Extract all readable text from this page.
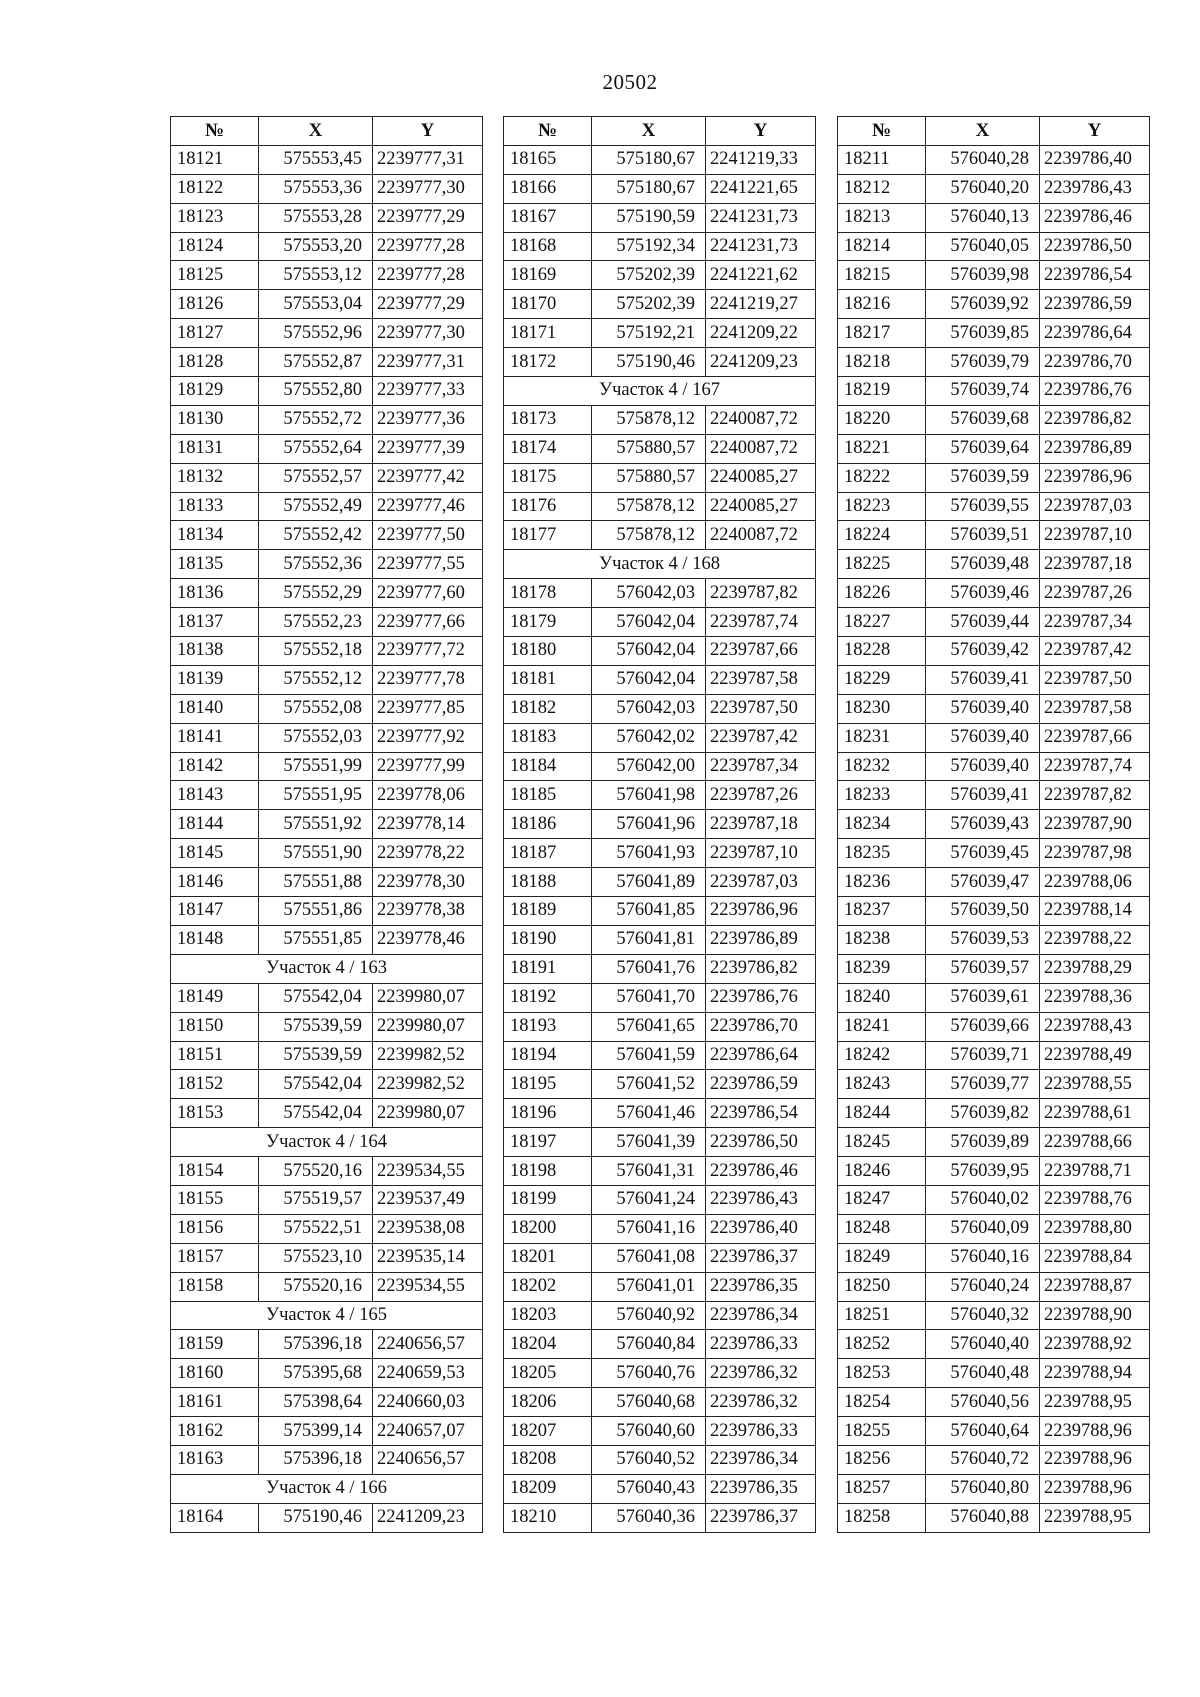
20502
№	X	Y
18121	575553,45	2239777,31
18122	575553,36	2239777,30
18123	575553,28	2239777,29
18124	575553,20	2239777,28
18125	575553,12	2239777,28
18126	575553,04	2239777,29
18127	575552,96	2239777,30
18128	575552,87	2239777,31
18129	575552,80	2239777,33
18130	575552,72	2239777,36
18131	575552,64	2239777,39
18132	575552,57	2239777,42
18133	575552,49	2239777,46
18134	575552,42	2239777,50
18135	575552,36	2239777,55
18136	575552,29	2239777,60
18137	575552,23	2239777,66
18138	575552,18	2239777,72
18139	575552,12	2239777,78
18140	575552,08	2239777,85
18141	575552,03	2239777,92
18142	575551,99	2239777,99
18143	575551,95	2239778,06
18144	575551,92	2239778,14
18145	575551,90	2239778,22
18146	575551,88	2239778,30
18147	575551,86	2239778,38
18148	575551,85	2239778,46
Участок 4 / 163		
18149	575542,04	2239980,07
18150	575539,59	2239980,07
18151	575539,59	2239982,52
18152	575542,04	2239982,52
18153	575542,04	2239980,07
Участок 4 / 164		
18154	575520,16	2239534,55
18155	575519,57	2239537,49
18156	575522,51	2239538,08
18157	575523,10	2239535,14
18158	575520,16	2239534,55
Участок 4 / 165		
18159	575396,18	2240656,57
18160	575395,68	2240659,53
18161	575398,64	2240660,03
18162	575399,14	2240657,07
18163	575396,18	2240656,57
Участок 4 / 166		
18164	575190,46	2241209,23
№	X	Y
18165	575180,67	2241219,33
18166	575180,67	2241221,65
18167	575190,59	2241231,73
18168	575192,34	2241231,73
18169	575202,39	2241221,62
18170	575202,39	2241219,27
18171	575192,21	2241209,22
18172	575190,46	2241209,23
Участок 4 / 167		
18173	575878,12	2240087,72
18174	575880,57	2240087,72
18175	575880,57	2240085,27
18176	575878,12	2240085,27
18177	575878,12	2240087,72
Участок 4 / 168		
18178	576042,03	2239787,82
18179	576042,04	2239787,74
18180	576042,04	2239787,66
18181	576042,04	2239787,58
18182	576042,03	2239787,50
18183	576042,02	2239787,42
18184	576042,00	2239787,34
18185	576041,98	2239787,26
18186	576041,96	2239787,18
18187	576041,93	2239787,10
18188	576041,89	2239787,03
18189	576041,85	2239786,96
18190	576041,81	2239786,89
18191	576041,76	2239786,82
18192	576041,70	2239786,76
18193	576041,65	2239786,70
18194	576041,59	2239786,64
18195	576041,52	2239786,59
18196	576041,46	2239786,54
18197	576041,39	2239786,50
18198	576041,31	2239786,46
18199	576041,24	2239786,43
18200	576041,16	2239786,40
18201	576041,08	2239786,37
18202	576041,01	2239786,35
18203	576040,92	2239786,34
18204	576040,84	2239786,33
18205	576040,76	2239786,32
18206	576040,68	2239786,32
18207	576040,60	2239786,33
18208	576040,52	2239786,34
18209	576040,43	2239786,35
18210	576040,36	2239786,37
№	X	Y
18211	576040,28	2239786,40
18212	576040,20	2239786,43
18213	576040,13	2239786,46
18214	576040,05	2239786,50
18215	576039,98	2239786,54
18216	576039,92	2239786,59
18217	576039,85	2239786,64
18218	576039,79	2239786,70
18219	576039,74	2239786,76
18220	576039,68	2239786,82
18221	576039,64	2239786,89
18222	576039,59	2239786,96
18223	576039,55	2239787,03
18224	576039,51	2239787,10
18225	576039,48	2239787,18
18226	576039,46	2239787,26
18227	576039,44	2239787,34
18228	576039,42	2239787,42
18229	576039,41	2239787,50
18230	576039,40	2239787,58
18231	576039,40	2239787,66
18232	576039,40	2239787,74
18233	576039,41	2239787,82
18234	576039,43	2239787,90
18235	576039,45	2239787,98
18236	576039,47	2239788,06
18237	576039,50	2239788,14
18238	576039,53	2239788,22
18239	576039,57	2239788,29
18240	576039,61	2239788,36
18241	576039,66	2239788,43
18242	576039,71	2239788,49
18243	576039,77	2239788,55
18244	576039,82	2239788,61
18245	576039,89	2239788,66
18246	576039,95	2239788,71
18247	576040,02	2239788,76
18248	576040,09	2239788,80
18249	576040,16	2239788,84
18250	576040,24	2239788,87
18251	576040,32	2239788,90
18252	576040,40	2239788,92
18253	576040,48	2239788,94
18254	576040,56	2239788,95
18255	576040,64	2239788,96
18256	576040,72	2239788,96
18257	576040,80	2239788,96
18258	576040,88	2239788,95
